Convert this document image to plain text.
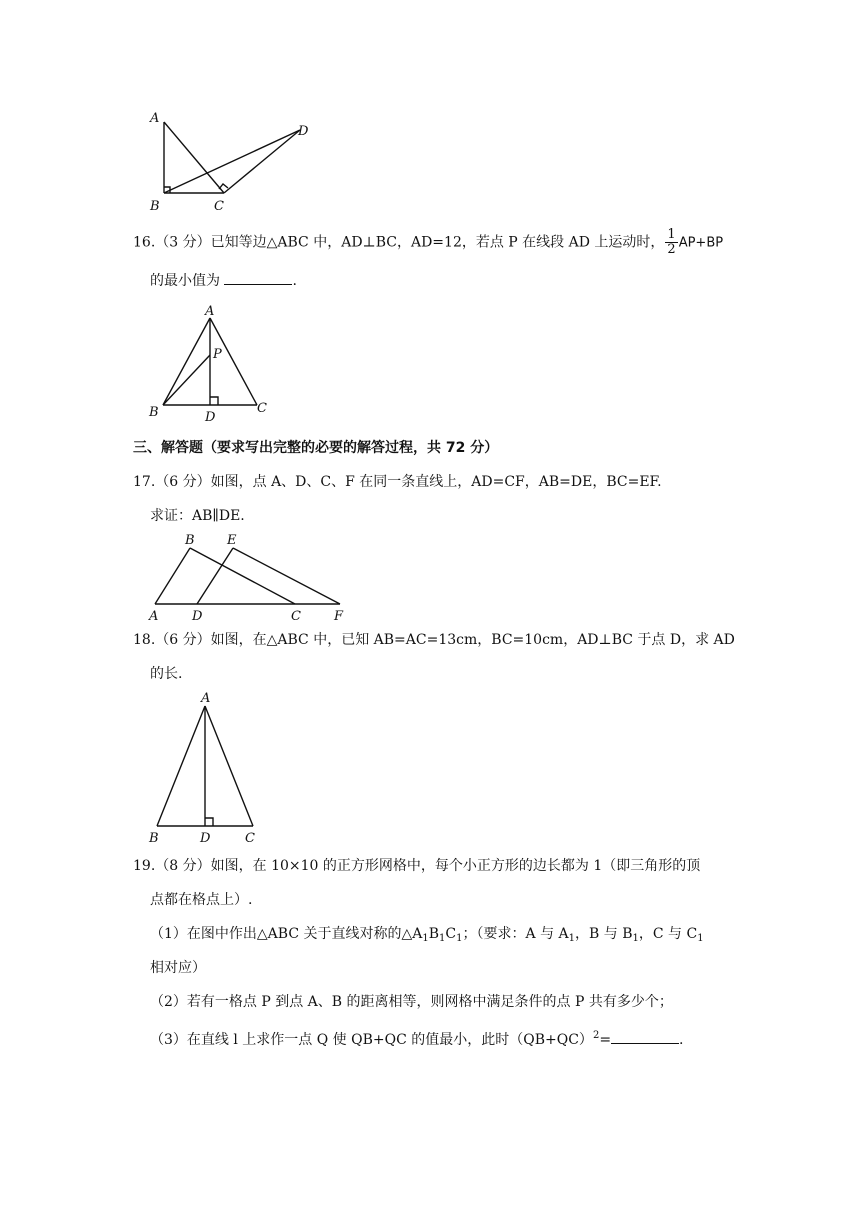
A
D
B	C
16.（3 分）已知等边△ABC 中，AD⊥BC，AD=12，若点 P 在线段 AD 上运动时， $\frac{1}{2} AP+BP$
的最小值为	.
A
P
B	D
C
三、解答题（要求写出完整的必要的解答过程，共 72 分）
17.（6 分）如图，点 A、D、C、F 在同一条直线上，AD=CF，AB=DE，BC=EF.
求证：AB∥DE.
B E
A	D	C	F
18.（6 分）如图，在△ABC 中，已知 AB=AC=13cm，BC=10cm，AD⊥BC 于点 D，求 AD
的长.
A
B	D	C
19.（8 分）如图，在 10×10 的正方形网格中，每个小正方形的边长都为 1（即三角形的顶
点都在格点上）.
（1）在图中作出△ABC 关于直线对称的$\triangle A_1B_1C_1$；（要求：A 与 $A_1$，B 与 $B_1$，C 与 $C_1$
相对应）
（2）若有一格点 P 到点 A、B 的距离相等，则网格中满足条件的点 P 共有多少个；
（3）在直线 l 上求作一点 Q 使 QB+QC 的值最小，此时$(QB+QC)^2=$	.
